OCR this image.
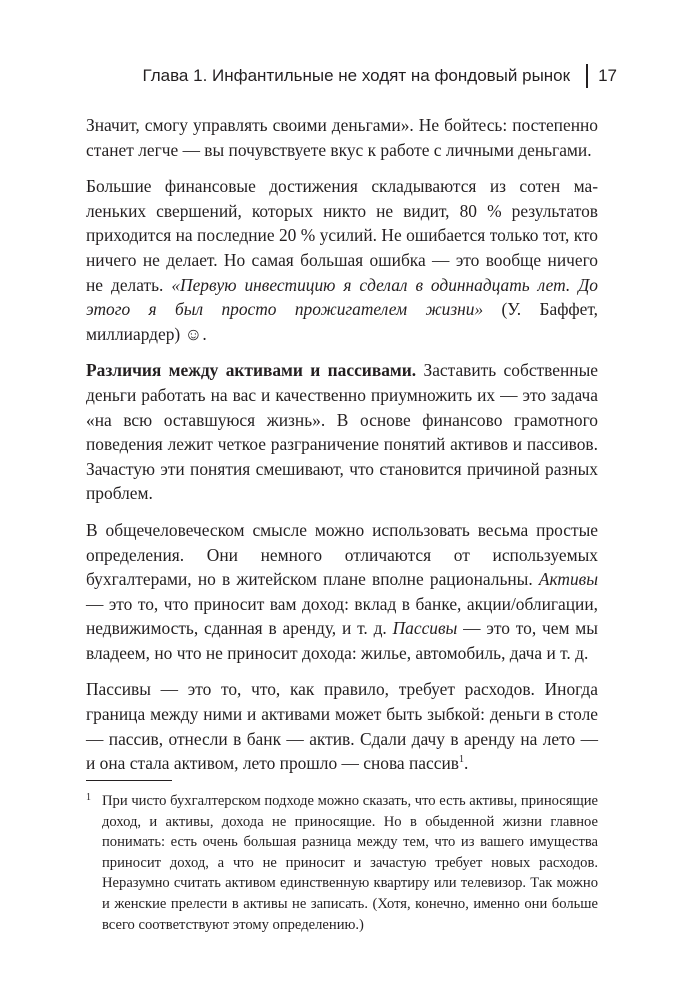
Глава 1. Инфантильные не ходят на фондовый рынок 17

Значит, смогу управлять своими деньгами». Не бойтесь: постепенно станет легче — вы почувствуете вкус к работе с личными деньгами.

Большие финансовые достижения складываются из сотен маленьких свершений, которых никто не видит, 80 % результатов приходится на последние 20 % усилий. Не ошибается только тот, кто ничего не делает. Но самая большая ошибка — это вообще ничего не делать. «Первую инвестицию я сделал в одиннадцать лет. До этого я был просто прожигателем жизни» (У. Баффет, миллиардер) ☺.

Различия между активами и пассивами. Заставить собственные деньги работать на вас и качественно приумножить их — это задача «на всю оставшуюся жизнь». В основе финансово грамотного поведения лежит четкое разграничение понятий активов и пассивов. Зачастую эти понятия смешивают, что становится причиной разных проблем.

В общечеловеческом смысле можно использовать весьма простые определения. Они немного отличаются от используемых бухгалтерами, но в житейском плане вполне рациональны. Активы — это то, что приносит вам доход: вклад в банке, акции/облигации, недвижимость, сданная в аренду, и т. д. Пассивы — это то, чем мы владеем, но что не приносит дохода: жилье, автомобиль, дача и т. д.

Пассивы — это то, что, как правило, требует расходов. Иногда граница между ними и активами может быть зыбкой: деньги в столе — пассив, отнесли в банк — актив. Сдали дачу в аренду на лето — и она стала активом, лето прошло — снова пассив$^1$.

1 При чисто бухгалтерском подходе можно сказать, что есть активы, приносящие доход, и активы, дохода не приносящие. Но в обыденной жизни главное понимать: есть очень большая разница между тем, что из вашего имущества приносит доход, а что не приносит и зачастую требует новых расходов. Неразумно считать активом единственную квартиру или телевизор. Так можно и женские прелести в активы не записать. (Хотя, конечно, именно они больше всего соответствуют этому определению.)
